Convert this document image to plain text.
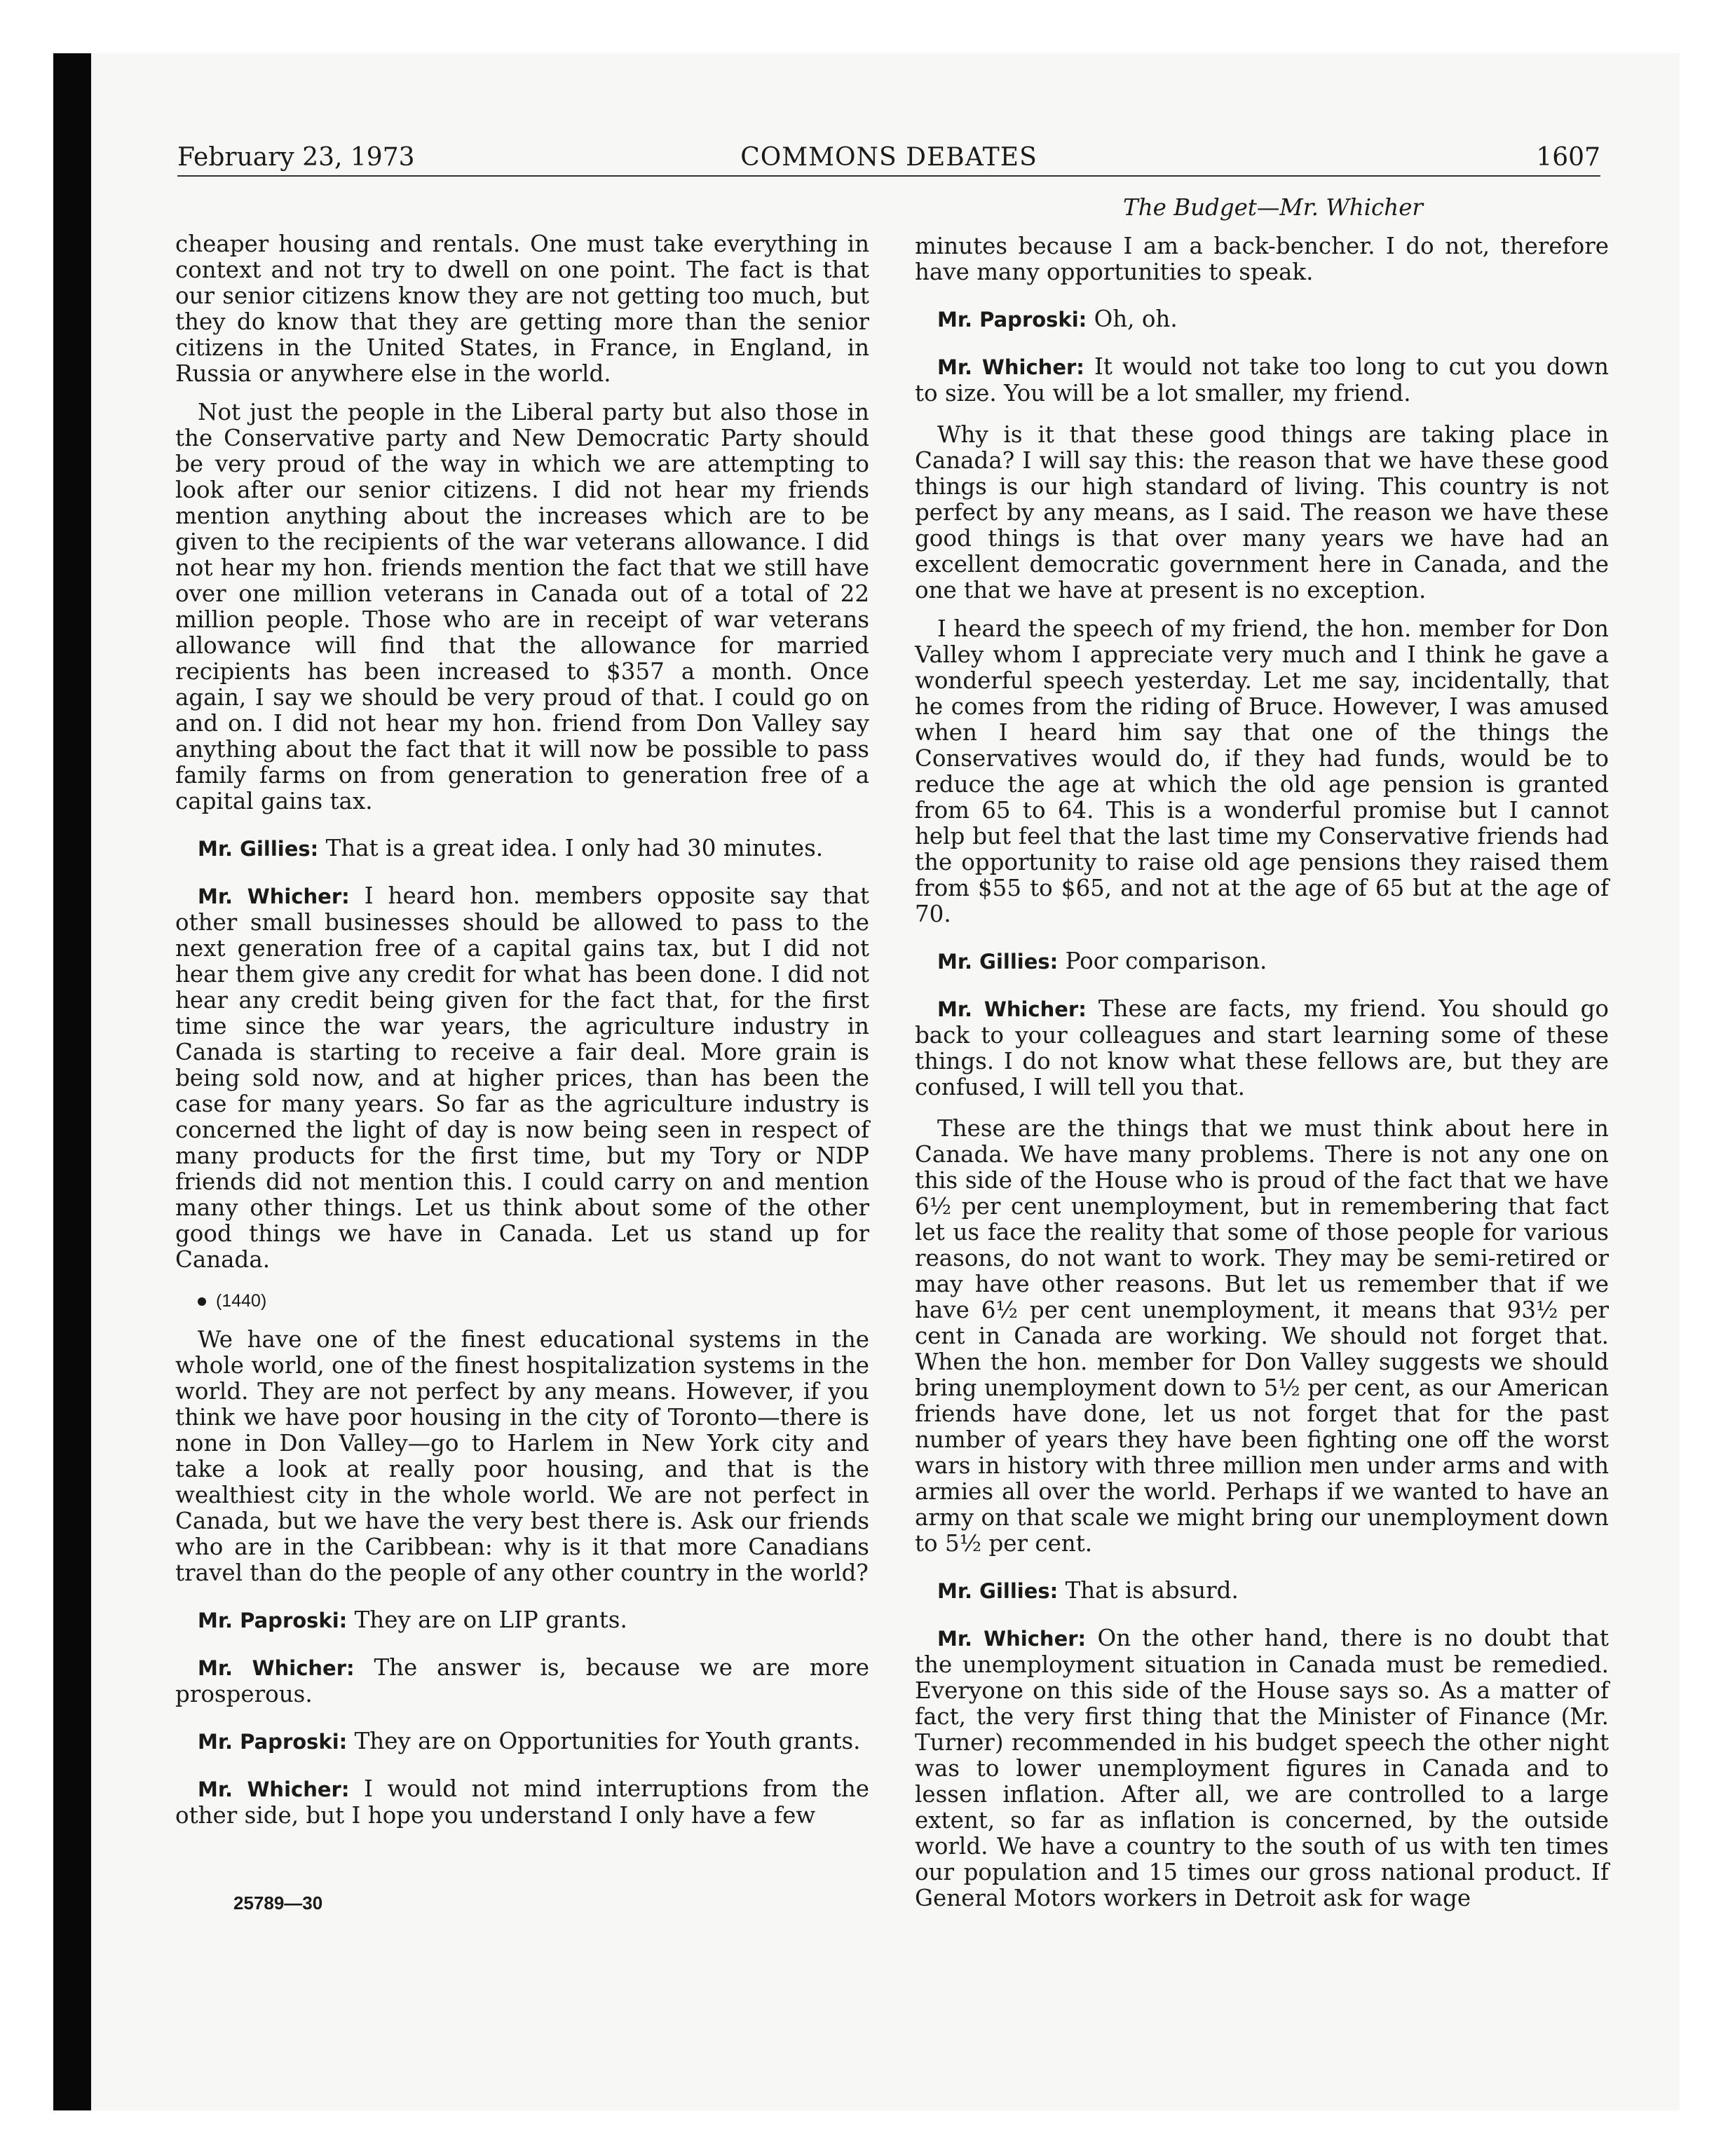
February 23, 1973	COMMONS DEBATES	1607

cheaper housing and rentals. One must take everything in context and not try to dwell on one point. The fact is that our senior citizens know they are not getting too much, but they do know that they are getting more than the senior citizens in the United States, in France, in England, in Russia or anywhere else in the world.

Not just the people in the Liberal party but also those in the Conservative party and New Democratic Party should be very proud of the way in which we are attempting to look after our senior citizens. I did not hear my friends mention anything about the increases which are to be given to the recipients of the war veterans allowance. I did not hear my hon. friends mention the fact that we still have over one million veterans in Canada out of a total of 22 million people. Those who are in receipt of war veterans allowance will find that the allowance for married recipients has been increased to $357 a month. Once again, I say we should be very proud of that. I could go on and on. I did not hear my hon. friend from Don Valley say anything about the fact that it will now be possible to pass family farms on from generation to generation free of a capital gains tax.

Mr. Gillies: That is a great idea. I only had 30 minutes.

Mr. Whicher: I heard hon. members opposite say that other small businesses should be allowed to pass to the next generation free of a capital gains tax, but I did not hear them give any credit for what has been done. I did not hear any credit being given for the fact that, for the first time since the war years, the agriculture industry in Canada is starting to receive a fair deal. More grain is being sold now, and at higher prices, than has been the case for many years. So far as the agriculture industry is concerned the light of day is now being seen in respect of many products for the first time, but my Tory or NDP friends did not mention this. I could carry on and mention many other things. Let us think about some of the other good things we have in Canada. Let us stand up for Canada.

(1440)

We have one of the finest educational systems in the whole world, one of the finest hospitalization systems in the world. They are not perfect by any means. However, if you think we have poor housing in the city of Toronto—there is none in Don Valley—go to Harlem in New York city and take a look at really poor housing, and that is the wealthiest city in the whole world. We are not perfect in Canada, but we have the very best there is. Ask our friends who are in the Caribbean: why is it that more Canadians travel than do the people of any other country in the world?

Mr. Paproski: They are on LIP grants.

Mr. Whicher: The answer is, because we are more prosperous.

Mr. Paproski: They are on Opportunities for Youth grants.

Mr. Whicher: I would not mind interruptions from the other side, but I hope you understand I only have a few

The Budget—Mr. Whicher

minutes because I am a back-bencher. I do not, therefore have many opportunities to speak.

Mr. Paproski: Oh, oh.

Mr. Whicher: It would not take too long to cut you down to size. You will be a lot smaller, my friend.

Why is it that these good things are taking place in Canada? I will say this: the reason that we have these good things is our high standard of living. This country is not perfect by any means, as I said. The reason we have these good things is that over many years we have had an excellent democratic government here in Canada, and the one that we have at present is no exception.

I heard the speech of my friend, the hon. member for Don Valley whom I appreciate very much and I think he gave a wonderful speech yesterday. Let me say, incidentally, that he comes from the riding of Bruce. However, I was amused when I heard him say that one of the things the Conservatives would do, if they had funds, would be to reduce the age at which the old age pension is granted from 65 to 64. This is a wonderful promise but I cannot help but feel that the last time my Conservative friends had the opportunity to raise old age pensions they raised them from $55 to $65, and not at the age of 65 but at the age of 70.

Mr. Gillies: Poor comparison.

Mr. Whicher: These are facts, my friend. You should go back to your colleagues and start learning some of these things. I do not know what these fellows are, but they are confused, I will tell you that.

These are the things that we must think about here in Canada. We have many problems. There is not any one on this side of the House who is proud of the fact that we have 6½ per cent unemployment, but in remembering that fact let us face the reality that some of those people for various reasons, do not want to work. They may be semi-retired or may have other reasons. But let us remember that if we have 6½ per cent unemployment, it means that 93½ per cent in Canada are working. We should not forget that. When the hon. member for Don Valley suggests we should bring unemployment down to 5½ per cent, as our American friends have done, let us not forget that for the past number of years they have been fighting one off the worst wars in history with three million men under arms and with armies all over the world. Perhaps if we wanted to have an army on that scale we might bring our unemployment down to 5½ per cent.

Mr. Gillies: That is absurd.

Mr. Whicher: On the other hand, there is no doubt that the unemployment situation in Canada must be remedied. Everyone on this side of the House says so. As a matter of fact, the very first thing that the Minister of Finance (Mr. Turner) recommended in his budget speech the other night was to lower unemployment figures in Canada and to lessen inflation. After all, we are controlled to a large extent, so far as inflation is concerned, by the outside world. We have a country to the south of us with ten times our population and 15 times our gross national product. If General Motors workers in Detroit ask for wage

25789—30
